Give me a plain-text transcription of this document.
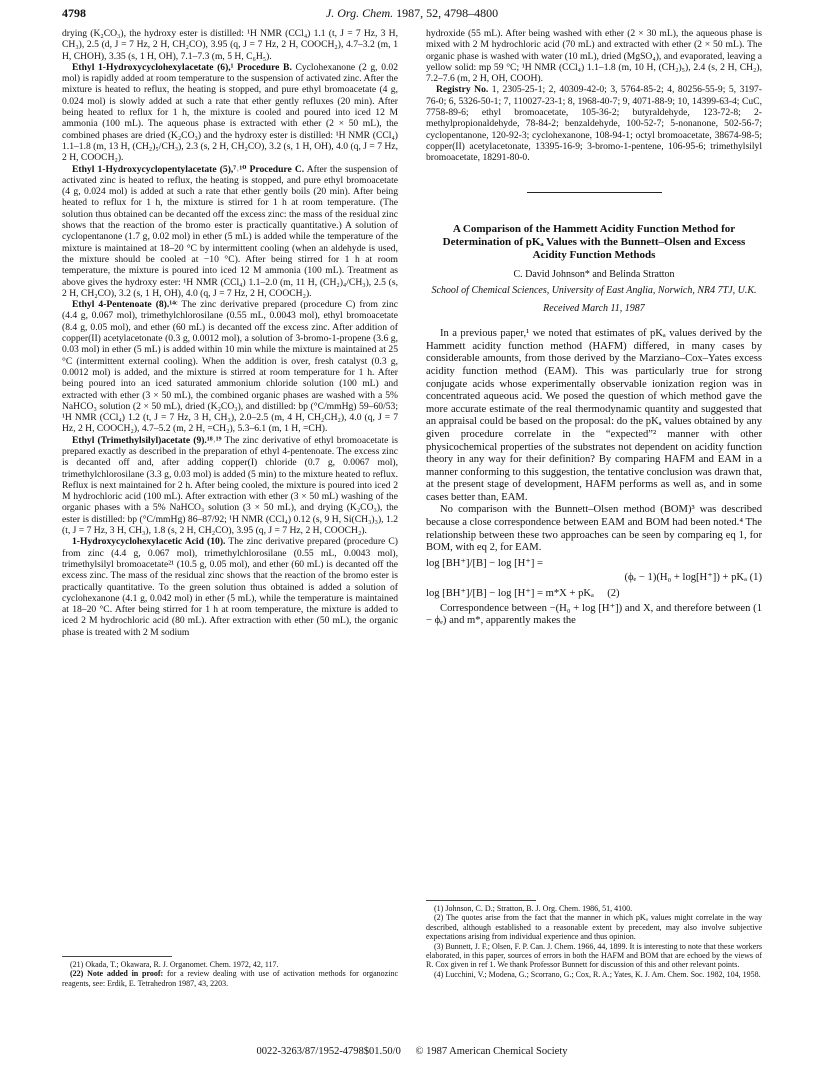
4798	J. Org. Chem. 1987, 52, 4798–4800

drying (K₂CO₃), the hydroxy ester is distilled: ¹H NMR (CCl₄) 1.1 (t, J = 7 Hz, 3 H, CH₃), 2.5 (d, J = 7 Hz, 2 H, CH₂CO), 3.95 (q, J = 7 Hz, 2 H, COOCH₂), 4.7–3.2 (m, 1 H, CHOH), 3.35 (s, 1 H, OH), 7.1–7.3 (m, 5 H, C₆H₅).

Ethyl 1-Hydroxycyclohexylacetate (6),¹ Procedure B. Cyclohexanone (2 g, 0.02 mol) is rapidly added at room temperature to the suspension of activated zinc. After the mixture is heated to reflux, the heating is stopped, and pure ethyl bromoacetate (4 g, 0.024 mol) is slowly added at such a rate that ether gently refluxes (20 min). After being heated to reflux for 1 h, the mixture is cooled and poured into iced 12 M ammonia (100 mL). The aqueous phase is extracted with ether (2 × 50 mL), the combined phases are dried (K₂CO₃) and the hydroxy ester is distilled: ¹H NMR (CCl₄) 1.1–1.8 (m, 13 H, (CH₂)₅/CH₃), 2.3 (s, 2 H, CH₂CO), 3.2 (s, 1 H, OH), 4.0 (q, J = 7 Hz, 2 H, COOCH₂).

Ethyl 1-Hydroxycyclopentylacetate (5),⁷˒¹⁰ Procedure C. After the suspension of activated zinc is heated to reflux, the heating is stopped, and pure ethyl bromoacetate (4 g, 0.024 mol) is added at such a rate that ether gently boils (20 min). After being heated to reflux for 1 h, the mixture is stirred for 1 h at room temperature. (The solution thus obtained can be decanted off the excess zinc: the mass of the residual zinc shows that the reaction of the bromo ester is practically quantitative.) A solution of cyclopentanone (1.7 g, 0.02 mol) in ether (5 mL) is added while the temperature of the mixture is maintained at 18–20 °C by intermittent cooling (when an aldehyde is used, the mixture should be cooled at −10 °C). After being stirred for 1 h at room temperature, the mixture is poured into iced 12 M ammonia (100 mL). Treatment as above gives the hydroxy ester: ¹H NMR (CCl₄) 1.1–2.0 (m, 11 H, (CH₂)₄/CH₃), 2.5 (s, 2 H, CH₂CO), 3.2 (s, 1 H, OH), 4.0 (q, J = 7 Hz, 2 H, COOCH₂).

Ethyl 4-Pentenoate (8).¹⁴ᶜ The zinc derivative prepared (procedure C) from zinc (4.4 g, 0.067 mol), trimethylchlorosilane (0.55 mL, 0.0043 mol), ethyl bromoacetate (8.4 g, 0.05 mol), and ether (60 mL) is decanted off the excess zinc. After addition of copper(II) acetylacetonate (0.3 g, 0.0012 mol), a solution of 3-bromo-1-propene (3.6 g, 0.03 mol) in ether (5 mL) is added within 10 min while the mixture is maintained at 25 °C (intermittent external cooling). When the addition is over, fresh catalyst (0.3 g, 0.0012 mol) is added, and the mixture is stirred at room temperature for 1 h. After being poured into an iced saturated ammonium chloride solution (100 mL) and extracted with ether (3 × 50 mL), the combined organic phases are washed with a 5% NaHCO₃ solution (2 × 50 mL), dried (K₂CO₃), and distilled: bp (°C/mmHg) 59–60/53; ¹H NMR (CCl₄) 1.2 (t, J = 7 Hz, 3 H, CH₃), 2.0–2.5 (m, 4 H, CH₂CH₂), 4.0 (q, J = 7 Hz, 2 H, COOCH₂), 4.7–5.2 (m, 2 H, =CH₂), 5.3–6.1 (m, 1 H, =CH).

Ethyl (Trimethylsilyl)acetate (9).¹⁸˒¹⁹ The zinc derivative of ethyl bromoacetate is prepared exactly as described in the preparation of ethyl 4-pentenoate. The excess zinc is decanted off and, after adding copper(I) chloride (0.7 g, 0.0067 mol), trimethylchlorosilane (3.3 g, 0.03 mol) is added (5 min) to the mixture heated to reflux. Reflux is next maintained for 2 h. After being cooled, the mixture is poured into iced 2 M hydrochloric acid (100 mL). After extraction with ether (3 × 50 mL) washing of the organic phases with a 5% NaHCO₃ solution (3 × 50 mL), and drying (K₂CO₃), the ester is distilled: bp (°C/mmHg) 86–87/92; ¹H NMR (CCl₄) 0.12 (s, 9 H, Si(CH₃)₃), 1.2 (t, J = 7 Hz, 3 H, CH₃), 1.8 (s, 2 H, CH₂CO), 3.95 (q, J = 7 Hz, 2 H, COOCH₂).

1-Hydroxycyclohexylacetic Acid (10). The zinc derivative prepared (procedure C) from zinc (4.4 g, 0.067 mol), trimethylchlorosilane (0.55 mL, 0.0043 mol), trimethylsilyl bromoacetate²¹ (10.5 g, 0.05 mol), and ether (60 mL) is decanted off the excess zinc. The mass of the residual zinc shows that the reaction of the bromo ester is practically quantitative. To the green solution thus obtained is added a solution of cyclohexanone (4.1 g, 0.042 mol) in ether (5 mL), while the temperature is maintained at 18–20 °C. After being stirred for 1 h at room temperature, the mixture is added to iced 2 M hydrochloric acid (80 mL). After extraction with ether (50 mL), the organic phase is treated with 2 M sodium

(21) Okada, T.; Okawara, R. J. Organomet. Chem. 1972, 42, 117.

(22) Note added in proof: for a review dealing with use of activation methods for organozinc reagents, see: Erdik, E. Tetrahedron 1987, 43, 2203.

hydroxide (55 mL). After being washed with ether (2 × 30 mL), the aqueous phase is mixed with 2 M hydrochloric acid (70 mL) and extracted with ether (2 × 50 mL). The organic phase is washed with water (10 mL), dried (MgSO₄), and evaporated, leaving a yellow solid: mp 59 °C; ¹H NMR (CCl₄) 1.1–1.8 (m, 10 H, (CH₂)₅), 2.4 (s, 2 H, CH₂), 7.2–7.6 (m, 2 H, OH, COOH).

Registry No. 1, 2305-25-1; 2, 40309-42-0; 3, 5764-85-2; 4, 80256-55-9; 5, 3197-76-0; 6, 5326-50-1; 7, 110027-23-1; 8, 1968-40-7; 9, 4071-88-9; 10, 14399-63-4; CuC, 7758-89-6; ethyl bromoacetate, 105-36-2; butyraldehyde, 123-72-8; 2-methylpropionaldehyde, 78-84-2; benzaldehyde, 100-52-7; 5-nonanone, 502-56-7; cyclopentanone, 120-92-3; cyclohexanone, 108-94-1; octyl bromoacetate, 38674-98-5; copper(II) acetylacetonate, 13395-16-9; 3-bromo-1-pentene, 106-95-6; trimethylsilyl bromoacetate, 18291-80-0.

A Comparison of the Hammett Acidity Function Method for Determination of pKₐ Values with the Bunnett–Olsen and Excess Acidity Function Methods
C. David Johnson* and Belinda Stratton
School of Chemical Sciences, University of East Anglia, Norwich, NR4 7TJ, U.K.
Received March 11, 1987

In a previous paper,¹ we noted that estimates of pKₐ values derived by the Hammett acidity function method (HAFM) differed, in many cases by considerable amounts, from those derived by the Marziano–Cox–Yates excess acidity function method (EAM). This was particularly true for strong conjugate acids whose experimentally observable ionization region was in concentrated aqueous acid. We posed the question of which method gave the more accurate estimate of the real thermodynamic quantity and suggested that an appraisal could be based on the proposal: do the pKₐ values obtained by any given procedure correlate in the “expected”² manner with other physicochemical properties of the substrates not dependent on acidity function theory in any way for their definition? By comparing HAFM and EAM in a manner conforming to this suggestion, the tentative conclusion was drawn that, at the present stage of development, HAFM performs as well as, and in some cases better than, EAM.

No comparison with the Bunnett–Olsen method (BOM)³ was described because a close correspondence between EAM and BOM had been noted.⁴ The relationship between these two approaches can be seen by comparing eq 1, for BOM, with eq 2, for EAM.

log [BH⁺]/[B] − log [H⁺] =
(ϕₑ − 1)(H₀ + log[H⁺]) + pKₐ (1)
log [BH⁺]/[B] − log [H⁺] = m*X + pKₐ (2)

Correspondence between −(H₀ + log [H⁺]) and X, and therefore between (1 − ϕₑ) and m*, apparently makes the

(1) Johnson, C. D.; Stratton, B. J. Org. Chem. 1986, 51, 4100.

(2) The quotes arise from the fact that the manner in which pKₐ values might correlate in the way described, although established to a reasonable extent by precedent, may also involve subjective expectations arising from individual experience and thus opinion.

(3) Bunnett, J. F.; Olsen, F. P. Can. J. Chem. 1966, 44, 1899. It is interesting to note that these workers elaborated, in this paper, sources of errors in both the HAFM and BOM that are echoed by the views of R. Cox given in ref 1. We thank Professor Bunnett for discussion of this and other relevant points.

(4) Lucchini, V.; Modena, G.; Scorrano, G.; Cox, R. A.; Yates, K. J. Am. Chem. Soc. 1982, 104, 1958.

0022-3263/87/1952-4798$01.50/0 © 1987 American Chemical Society
